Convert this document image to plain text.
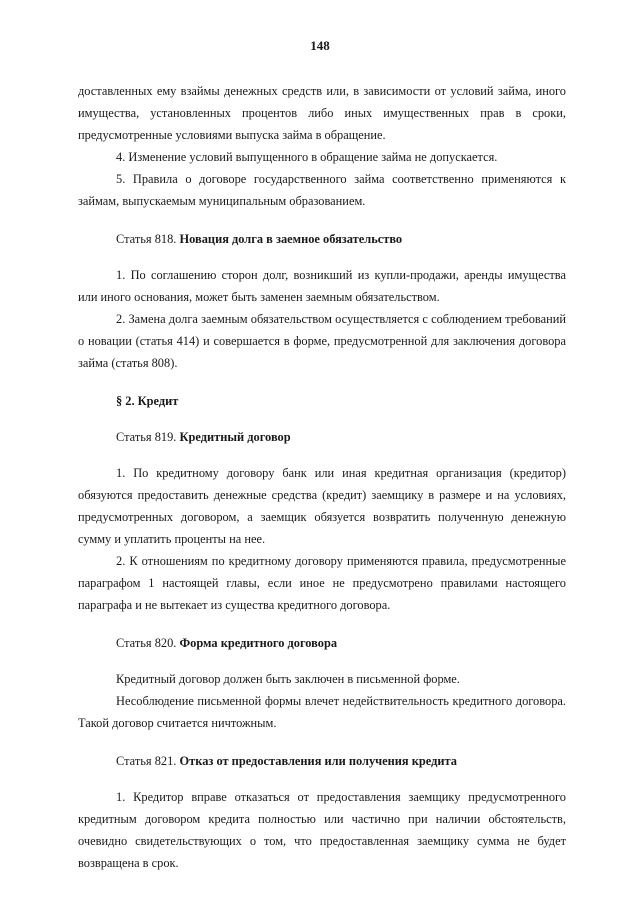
148

доставленных ему взаймы денежных средств или, в зависимости от условий займа, иного имущества, установленных процентов либо иных имущественных прав в сроки, предусмотренные условиями выпуска займа в обращение.

4. Изменение условий выпущенного в обращение займа не допускается.

5. Правила о договоре государственного займа соответственно применяются к займам, выпускаемым муниципальным образованием.

Статья 818. Новация долга в заемное обязательство

1. По соглашению сторон долг, возникший из купли-продажи, аренды имущества или иного основания, может быть заменен заемным обязательством.

2. Замена долга заемным обязательством осуществляется с соблюдением требований о новации (статья 414) и совершается в форме, предусмотренной для заключения договора займа (статья 808).

§ 2. Кредит

Статья 819. Кредитный договор

1. По кредитному договору банк или иная кредитная организация (кредитор) обязуются предоставить денежные средства (кредит) заемщику в размере и на условиях, предусмотренных договором, а заемщик обязуется возвратить полученную денежную сумму и уплатить проценты на нее.

2. К отношениям по кредитному договору применяются правила, предусмотренные параграфом 1 настоящей главы, если иное не предусмотрено правилами настоящего параграфа и не вытекает из существа кредитного договора.

Статья 820. Форма кредитного договора

Кредитный договор должен быть заключен в письменной форме.

Несоблюдение письменной формы влечет недействительность кредитного договора. Такой договор считается ничтожным.

Статья 821. Отказ от предоставления или получения кредита

1. Кредитор вправе отказаться от предоставления заемщику предусмотренного кредитным договором кредита полностью или частично при наличии обстоятельств, очевидно свидетельствующих о том, что предоставленная заемщику сумма не будет возвращена в срок.
